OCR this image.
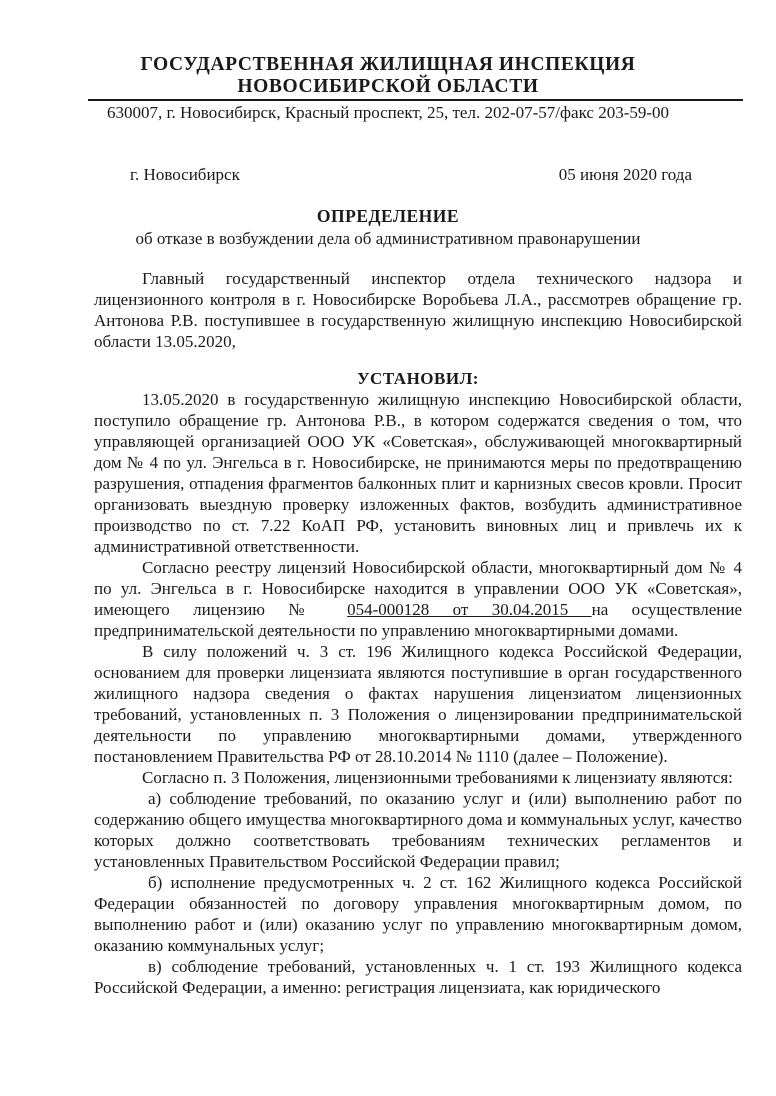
ГОСУДАРСТВЕННАЯ ЖИЛИЩНАЯ ИНСПЕКЦИЯ
НОВОСИБИРСКОЙ ОБЛАСТИ
630007, г. Новосибирск, Красный проспект, 25, тел. 202-07-57/факс 203-59-00
г. Новосибирск	05 июня 2020 года
ОПРЕДЕЛЕНИЕ
об отказе в возбуждении дела об административном правонарушении

Главный государственный инспектор отдела технического надзора и лицензионного контроля в г. Новосибирске Воробьева Л.А., рассмотрев обращение гр. Антонова Р.В. поступившее в государственную жилищную инспекцию Новосибирской области 13.05.2020,

УСТАНОВИЛ:

13.05.2020 в государственную жилищную инспекцию Новосибирской области, поступило обращение гр. Антонова Р.В., в котором содержатся сведения о том, что управляющей организацией ООО УК «Советская», обслуживающей многоквартирный дом № 4 по ул. Энгельса в г. Новосибирске, не принимаются меры по предотвращению разрушения, отпадения фрагментов балконных плит и карнизных свесов кровли. Просит организовать выездную проверку изложенных фактов, возбудить административное производство по ст. 7.22 КоАП РФ, установить виновных лиц и привлечь их к административной ответственности.

Согласно реестру лицензий Новосибирской области, многоквартирный дом № 4 по ул. Энгельса в г. Новосибирске находится в управлении ООО УК «Советская», имеющего лицензию № 054-000128 от 30.04.2015 на осуществление предпринимательской деятельности по управлению многоквартирными домами.

В силу положений ч. 3 ст. 196 Жилищного кодекса Российской Федерации, основанием для проверки лицензиата являются поступившие в орган государственного жилищного надзора сведения о фактах нарушения лицензиатом лицензионных требований, установленных п. 3 Положения о лицензировании предпринимательской деятельности по управлению многоквартирными домами, утвержденного постановлением Правительства РФ от 28.10.2014 № 1110 (далее – Положение).

Согласно п. 3 Положения, лицензионными требованиями к лицензиату являются:

а) соблюдение требований, по оказанию услуг и (или) выполнению работ по содержанию общего имущества многоквартирного дома и коммунальных услуг, качество которых должно соответствовать требованиям технических регламентов и установленных Правительством Российской Федерации правил;

б) исполнение предусмотренных ч. 2 ст. 162 Жилищного кодекса Российской Федерации обязанностей по договору управления многоквартирным домом, по выполнению работ и (или) оказанию услуг по управлению многоквартирным домом, оказанию коммунальных услуг;

в) соблюдение требований, установленных ч. 1 ст. 193 Жилищного кодекса Российской Федерации, а именно: регистрация лицензиата, как юридического
